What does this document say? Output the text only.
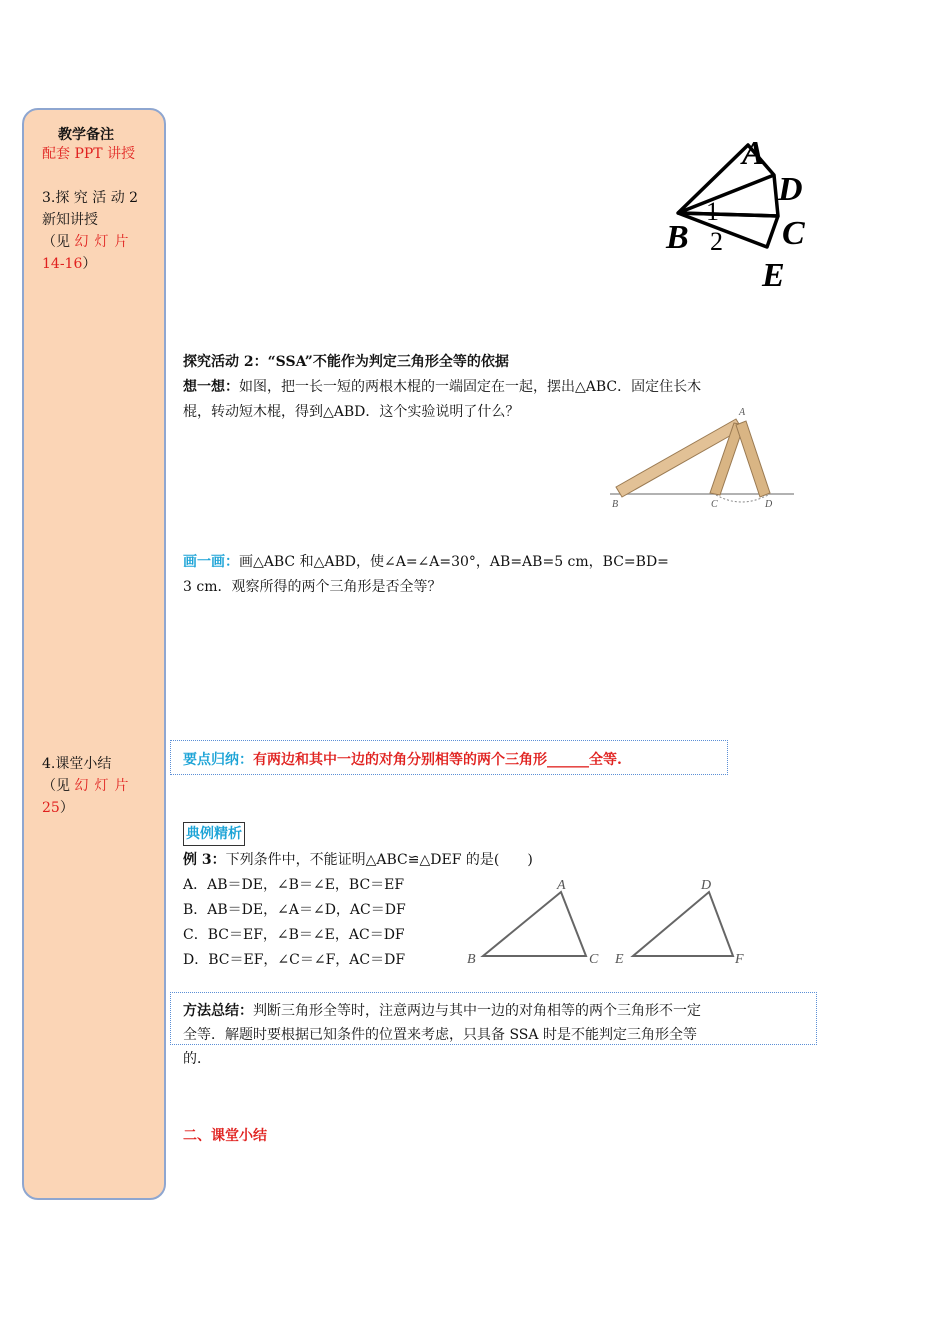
教学备注
配套 PPT 讲授
3.探 究 活 动 2
新知讲授
（见 幻灯片
14-16）
4.课堂小结
（见 幻灯片
25）
A
D
B	C
E
1
2
探究活动 2：“SSA”不能作为判定三角形全等的依据
想一想：如图，把一长一短的两根木棍的一端固定在一起，摆出△ABC．固定住长木
棍，转动短木棍，得到△ABD．这个实验说明了什么？	A
B	C	D
画一画：画△ABC 和△ABD，使∠A=∠A=30°，AB=AB=5 cm，BC=BD=
3 cm．观察所得的两个三角形是否全等？
要点归纳：有两边和其中一边的对角分别相等的两个三角形______全等.
典例精析
例 3：下列条件中，不能证明△ABC≌△DEF 的是(　　)
A．AB＝DE，∠B＝∠E，BC＝EF
B．AB＝DE，∠A＝∠D，AC＝DF
C．BC＝EF，∠B＝∠E，AC＝DF
D．BC＝EF，∠C＝∠F，AC＝DF
A
B	C
D
E	F
方法总结：判断三角形全等时，注意两边与其中一边的对角相等的两个三角形不一定
全等．解题时要根据已知条件的位置来考虑，只具备 SSA 时是不能判定三角形全等
的．
二、课堂小结
